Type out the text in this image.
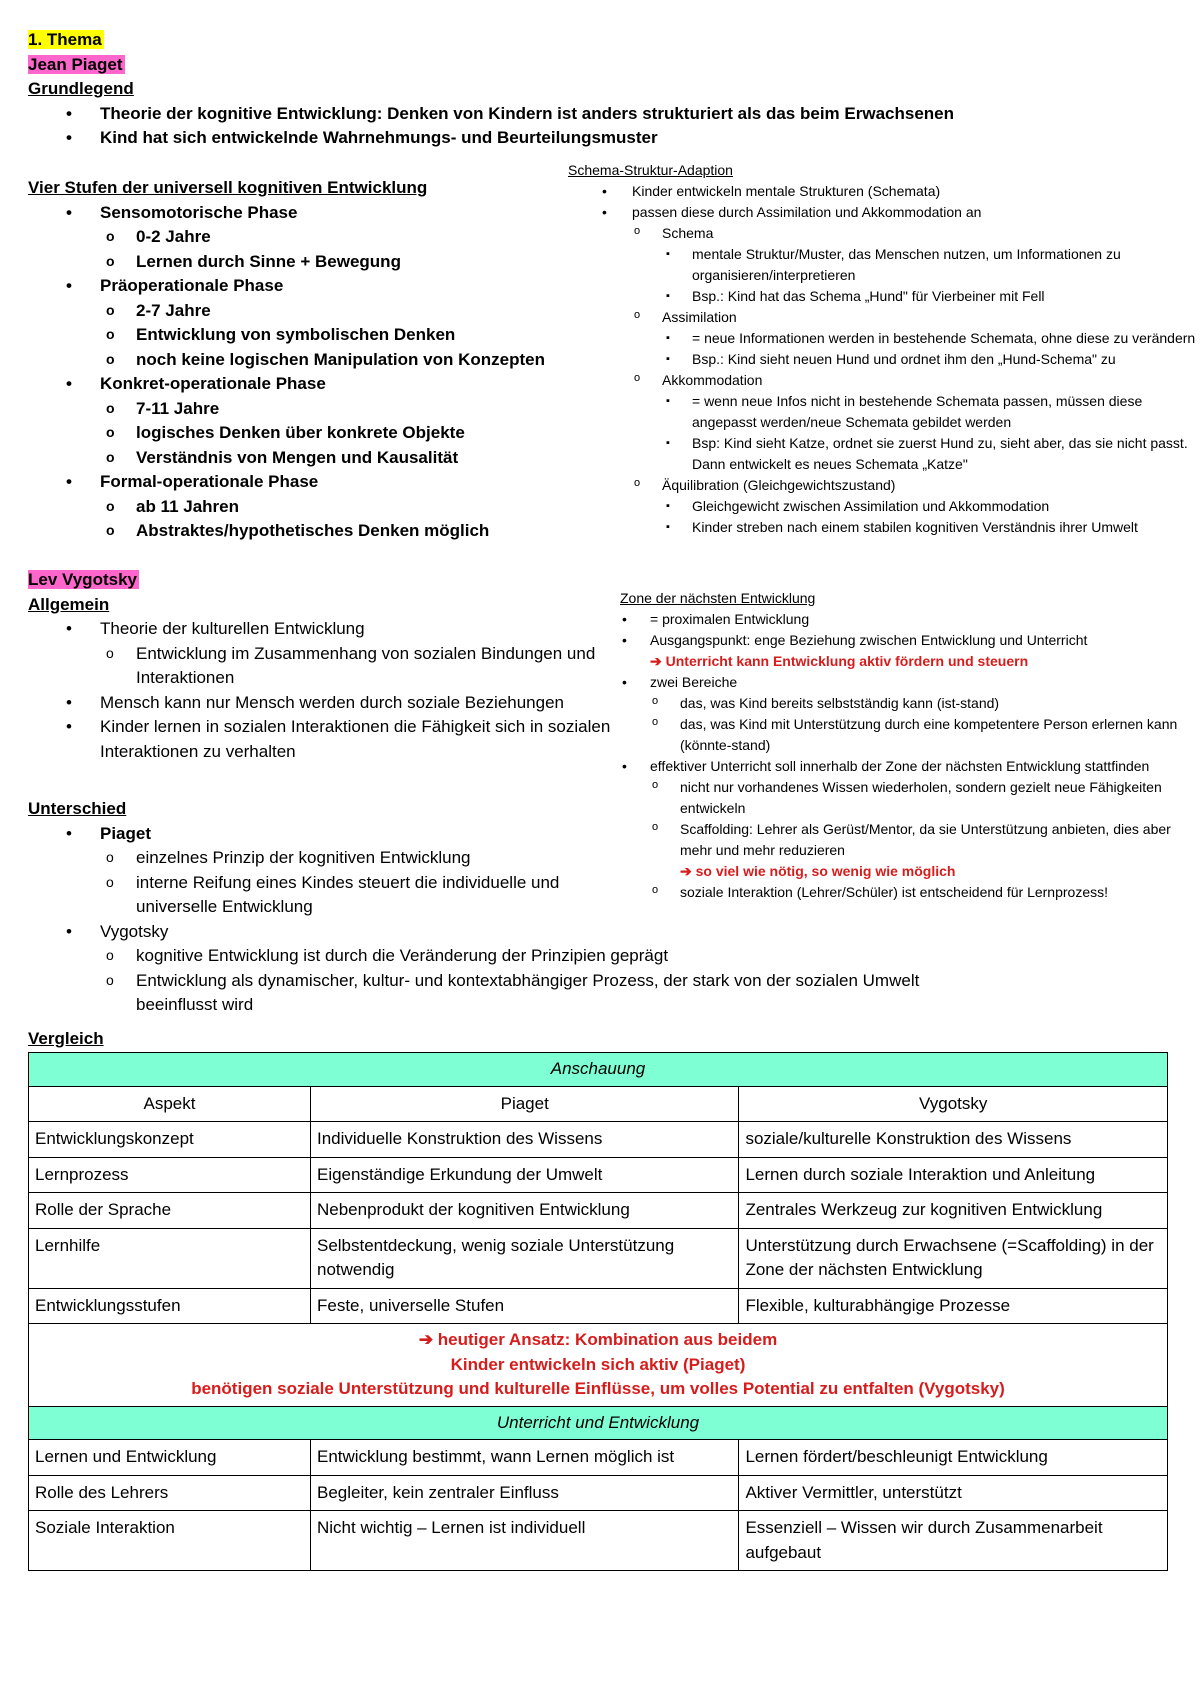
1. Thema
Jean Piaget
Grundlegend
• Theorie der kognitive Entwicklung: Denken von Kindern ist anders strukturiert als das beim Erwachsenen
• Kind hat sich entwickelnde Wahrnehmungs- und Beurteilungsmuster
Vier Stufen der universell kognitiven Entwicklung
• Sensomotorische Phase
o 0-2 Jahre
o Lernen durch Sinne + Bewegung
• Präoperationale Phase
o 2-7 Jahre
o Entwicklung von symbolischen Denken
o noch keine logischen Manipulation von Konzepten
• Konkret-operationale Phase
o 7-11 Jahre
o logisches Denken über konkrete Objekte
o Verständnis von Mengen und Kausalität
• Formal-operationale Phase
o ab 11 Jahren
o Abstraktes/hypothetisches Denken möglich
Schema-Struktur-Adaption
• Kinder entwickeln mentale Strukturen (Schemata)
• passen diese durch Assimilation und Akkommodation an
o Schema
▪ mentale Struktur/Muster, das Menschen nutzen, um Informationen zu organisieren/interpretieren
▪ Bsp.: Kind hat das Schema „Hund" für Vierbeiner mit Fell
o Assimilation
▪ = neue Informationen werden in bestehende Schemata, ohne diese zu verändern
▪ Bsp.: Kind sieht neuen Hund und ordnet ihm den „Hund-Schema" zu
o Akkommodation
▪ = wenn neue Infos nicht in bestehende Schemata passen, müssen diese angepasst werden/neue Schemata gebildet werden
▪ Bsp: Kind sieht Katze, ordnet sie zuerst Hund zu, sieht aber, das sie nicht passt. Dann entwickelt es neues Schemata „Katze"
o Äquilibration (Gleichgewichtszustand)
▪ Gleichgewicht zwischen Assimilation und Akkommodation
▪ Kinder streben nach einem stabilen kognitiven Verständnis ihrer Umwelt
Lev Vygotsky
Allgemein
• Theorie der kulturellen Entwicklung
o Entwicklung im Zusammenhang von sozialen Bindungen und Interaktionen
• Mensch kann nur Mensch werden durch soziale Beziehungen
• Kinder lernen in sozialen Interaktionen die Fähigkeit sich in sozialen Interaktionen zu verhalten
Zone der nächsten Entwicklung
• = proximalen Entwicklung
• Ausgangspunkt: enge Beziehung zwischen Entwicklung und Unterricht
➔ Unterricht kann Entwicklung aktiv fördern und steuern
• zwei Bereiche
o das, was Kind bereits selbstständig kann (ist-stand)
o das, was Kind mit Unterstützung durch eine kompetentere Person erlernen kann (könnte-stand)
• effektiver Unterricht soll innerhalb der Zone der nächsten Entwicklung stattfinden
o nicht nur vorhandenes Wissen wiederholen, sondern gezielt neue Fähigkeiten entwickeln
o Scaffolding: Lehrer als Gerüst/Mentor, da sie Unterstützung anbieten, dies aber mehr und mehr reduzieren
➔ so viel wie nötig, so wenig wie möglich
o soziale Interaktion (Lehrer/Schüler) ist entscheidend für Lernprozess!
Unterschied
• Piaget
o einzelnes Prinzip der kognitiven Entwicklung
o interne Reifung eines Kindes steuert die individuelle und universelle Entwicklung
• Vygotsky
o kognitive Entwicklung ist durch die Veränderung der Prinzipien geprägt
o Entwicklung als dynamischer, kultur- und kontextabhängiger Prozess, der stark von der sozialen Umwelt beeinflusst wird
Vergleich
Anschauung		
Aspekt	Piaget	Vygotsky
Entwicklungskonzept	Individuelle Konstruktion des Wissens	soziale/kulturelle Konstruktion des Wissens
Lernprozess	Eigenständige Erkundung der Umwelt	Lernen durch soziale Interaktion und Anleitung
Rolle der Sprache	Nebenprodukt der kognitiven Entwicklung	Zentrales Werkzeug zur kognitiven Entwicklung
Lernhilfe	Selbstentdeckung, wenig soziale Unterstützung notwendig	Unterstützung durch Erwachsene (=Scaffolding) in der Zone der nächsten Entwicklung
Entwicklungsstufen	Feste, universelle Stufen	Flexible, kulturabhängige Prozesse

➔ heutiger Ansatz: Kombination aus beidem
Kinder entwickeln sich aktiv (Piaget)
benötigen soziale Unterstützung und kulturelle Einflüsse, um volles Potential zu entfalten (Vygotsky)		

Unterricht und Entwicklung		
Lernen und Entwicklung	Entwicklung bestimmt, wann Lernen möglich ist	Lernen fördert/beschleunigt Entwicklung
Rolle des Lehrers	Begleiter, kein zentraler Einfluss	Aktiver Vermittler, unterstützt
Soziale Interaktion	Nicht wichtig – Lernen ist individuell	Essenziell – Wissen wir durch Zusammenarbeit aufgebaut
